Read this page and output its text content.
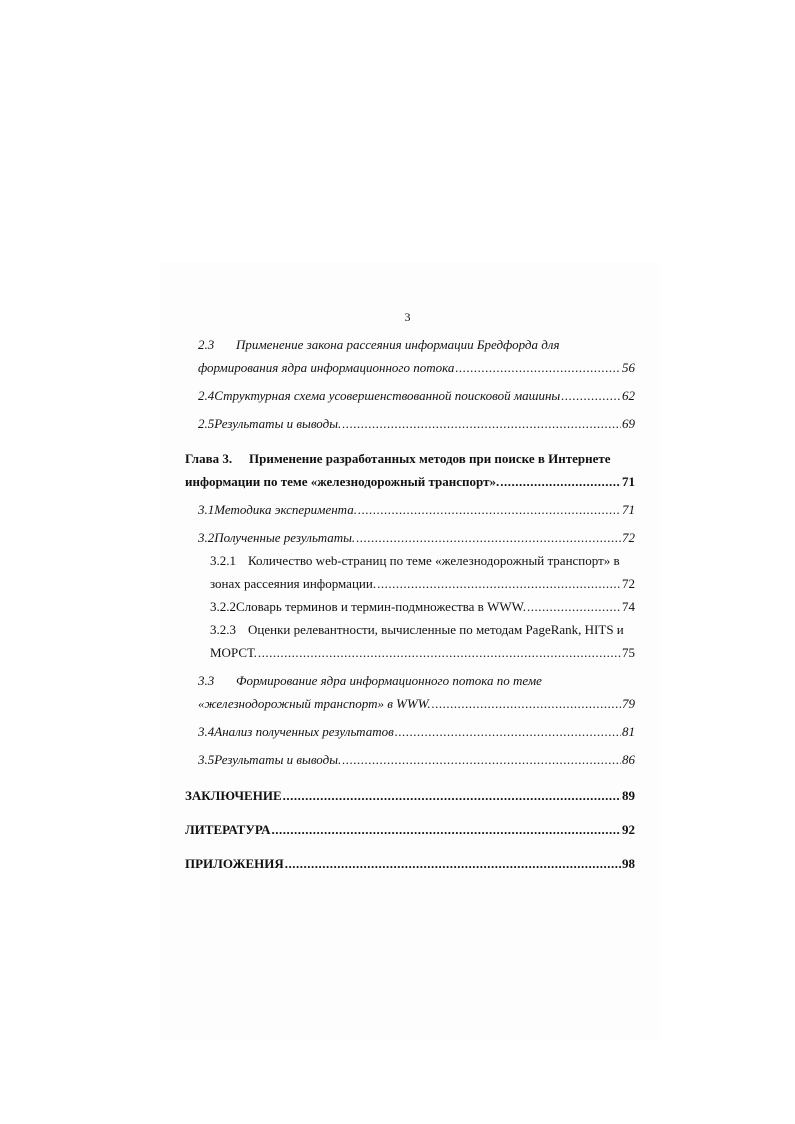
3
2.3 Применение закона рассеяния информации Бредфорда для
формирования ядра информационного потока .....	56
2.4 Структурная схема усовершенствованной поисковой машины .....	62
2.5 Результаты и выводы. .....	69
Глава 3. Применение разработанных методов при поиске в Интернете
информации по теме «железнодорожный транспорт». .....	71
3.1 Методика эксперимента. .....	71
3.2 Полученные результаты. .....	72
3.2.1 Количество web-страниц по теме «железнодорожный транспорт» в
зонах рассеяния информации. .....	72
3.2.2 Словарь терминов и термин-подмножества в WWW. .....	74
3.2.3 Оценки релевантности, вычисленные по методам PageRank, HITS и
МОРСТ. .....	75
3.3 Формирование ядра информационного потока по теме
«железнодорожный транспорт» в WWW. .....	79
3.4 Анализ полученных результатов .....	81
3.5 Результаты и выводы. .....	86
ЗАКЛЮЧЕНИЕ .....	89
ЛИТЕРАТУРА .....	92
ПРИЛОЖЕНИЯ .....	98
